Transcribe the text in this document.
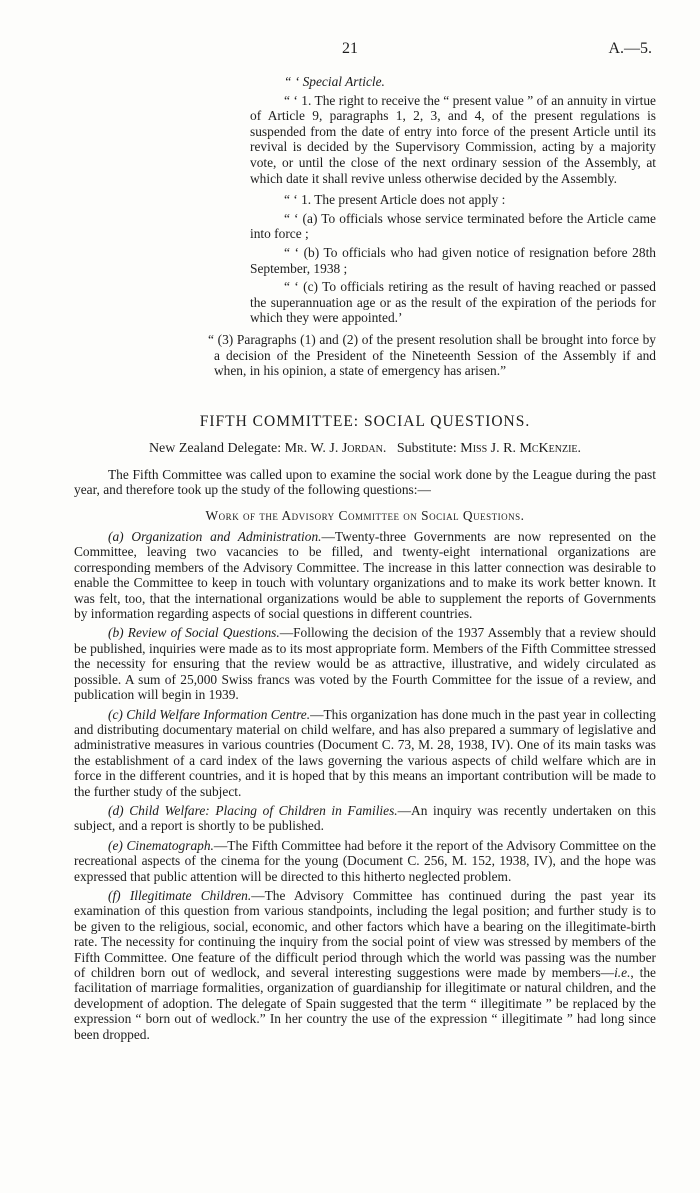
21	A.—5.

“ ‘ Special Article.

“ ‘ 1. The right to receive the “ present value ” of an annuity in virtue of Article 9, paragraphs 1, 2, 3, and 4, of the present regulations is suspended from the date of entry into force of the present Article until its revival is decided by the Supervisory Commission, acting by a majority vote, or until the close of the next ordinary session of the Assembly, at which date it shall revive unless otherwise decided by the Assembly.

“ ‘ 1. The present Article does not apply :

“ ‘ (a) To officials whose service terminated before the Article came into force ;

“ ‘ (b) To officials who had given notice of resignation before 28th September, 1938 ;

“ ‘ (c) To officials retiring as the result of having reached or passed the superannuation age or as the result of the expiration of the periods for which they were appointed.’

“ (3) Paragraphs (1) and (2) of the present resolution shall be brought into force by a decision of the President of the Nineteenth Session of the Assembly if and when, in his opinion, a state of emergency has arisen.”

FIFTH COMMITTEE: SOCIAL QUESTIONS.
New Zealand Delegate: Mr. W. J. Jordan. Substitute: Miss J. R. McKenzie.

The Fifth Committee was called upon to examine the social work done by the League during the past year, and therefore took up the study of the following questions:—

Work of the Advisory Committee on Social Questions.

(a) Organization and Administration.—Twenty-three Governments are now represented on the Committee, leaving two vacancies to be filled, and twenty-eight international organizations are corresponding members of the Advisory Committee. The increase in this latter connection was desirable to enable the Committee to keep in touch with voluntary organizations and to make its work better known. It was felt, too, that the international organizations would be able to supplement the reports of Governments by information regarding aspects of social questions in different countries.

(b) Review of Social Questions.—Following the decision of the 1937 Assembly that a review should be published, inquiries were made as to its most appropriate form. Members of the Fifth Committee stressed the necessity for ensuring that the review would be as attractive, illustrative, and widely circulated as possible. A sum of 25,000 Swiss francs was voted by the Fourth Committee for the issue of a review, and publication will begin in 1939.

(c) Child Welfare Information Centre.—This organization has done much in the past year in collecting and distributing documentary material on child welfare, and has also prepared a summary of legislative and administrative measures in various countries (Document C. 73, M. 28, 1938, IV). One of its main tasks was the establishment of a card index of the laws governing the various aspects of child welfare which are in force in the different countries, and it is hoped that by this means an important contribution will be made to the further study of the subject.

(d) Child Welfare: Placing of Children in Families.—An inquiry was recently undertaken on this subject, and a report is shortly to be published.

(e) Cinematograph.—The Fifth Committee had before it the report of the Advisory Committee on the recreational aspects of the cinema for the young (Document C. 256, M. 152, 1938, IV), and the hope was expressed that public attention will be directed to this hitherto neglected problem.

(f) Illegitimate Children.—The Advisory Committee has continued during the past year its examination of this question from various standpoints, including the legal position; and further study is to be given to the religious, social, economic, and other factors which have a bearing on the illegitimate-birth rate. The necessity for continuing the inquiry from the social point of view was stressed by members of the Fifth Committee. One feature of the difficult period through which the world was passing was the number of children born out of wedlock, and several interesting suggestions were made by members—i.e., the facilitation of marriage formalities, organization of guardianship for illegitimate or natural children, and the development of adoption. The delegate of Spain suggested that the term “ illegitimate ” be replaced by the expression “ born out of wedlock.” In her country the use of the expression “ illegitimate ” had long since been dropped.
